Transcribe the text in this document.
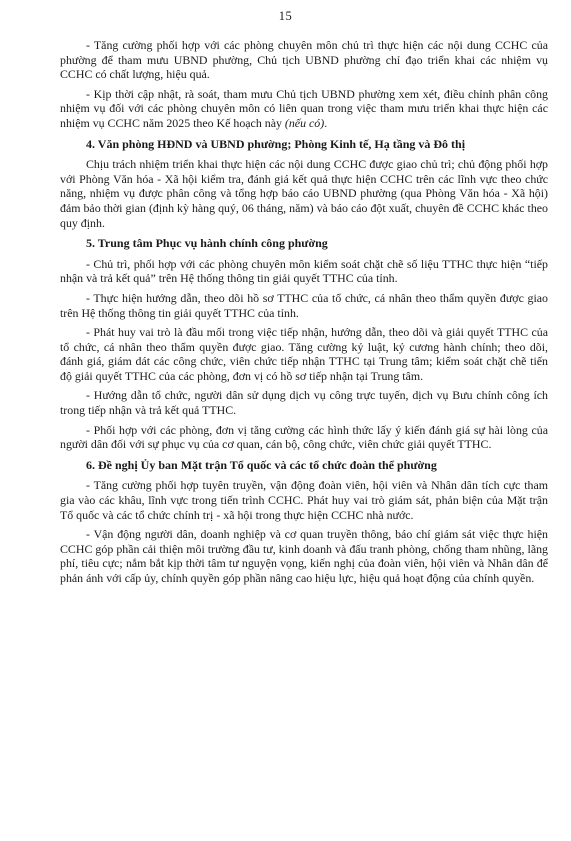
15

- Tăng cường phối hợp với các phòng chuyên môn chủ trì thực hiện các nội dung CCHC của phường để tham mưu UBND phường, Chủ tịch UBND phường chỉ đạo triển khai các nhiệm vụ CCHC có chất lượng, hiệu quả.

- Kịp thời cập nhật, rà soát, tham mưu Chủ tịch UBND phường xem xét, điều chỉnh phân công nhiệm vụ đối với các phòng chuyên môn có liên quan trong việc tham mưu triển khai thực hiện các nhiệm vụ CCHC năm 2025 theo Kế hoạch này (nếu có).

4. Văn phòng HĐND và UBND phường; Phòng Kinh tế, Hạ tầng và Đô thị

Chịu trách nhiệm triển khai thực hiện các nội dung CCHC được giao chủ trì; chủ động phối hợp với Phòng Văn hóa - Xã hội kiểm tra, đánh giá kết quả thực hiện CCHC trên các lĩnh vực theo chức năng, nhiệm vụ được phân công và tổng hợp báo cáo UBND phường (qua Phòng Văn hóa - Xã hội) đảm bảo thời gian (định kỳ hàng quý, 06 tháng, năm) và báo cáo đột xuất, chuyên đề CCHC khác theo quy định.

5. Trung tâm Phục vụ hành chính công phường

- Chủ trì, phối hợp với các phòng chuyên môn kiểm soát chặt chẽ số liệu TTHC thực hiện “tiếp nhận và trả kết quả” trên Hệ thống thông tin giải quyết TTHC của tỉnh.

- Thực hiện hướng dẫn, theo dõi hồ sơ TTHC của tổ chức, cá nhân theo thẩm quyền được giao trên Hệ thống thông tin giải quyết TTHC của tỉnh.

- Phát huy vai trò là đầu mối trong việc tiếp nhận, hướng dẫn, theo dõi và giải quyết TTHC của tổ chức, cá nhân theo thẩm quyền được giao. Tăng cường kỷ luật, kỷ cương hành chính; theo dõi, đánh giá, giám dát các công chức, viên chức tiếp nhận TTHC tại Trung tâm; kiểm soát chặt chẽ tiến độ giải quyết TTHC của các phòng, đơn vị có hồ sơ tiếp nhận tại Trung tâm.

- Hướng dẫn tổ chức, người dân sử dụng dịch vụ công trực tuyến, dịch vụ Bưu chính công ích trong tiếp nhận và trả kết quả TTHC.

- Phối hợp với các phòng, đơn vị tăng cường các hình thức lấy ý kiến đánh giá sự hài lòng của người dân đối với sự phục vụ của cơ quan, cán bộ, công chức, viên chức giải quyết TTHC.

6. Đề nghị Ủy ban Mặt trận Tổ quốc và các tổ chức đoàn thể phường

- Tăng cường phối hợp tuyên truyền, vận động đoàn viên, hội viên và Nhân dân tích cực tham gia vào các khâu, lĩnh vực trong tiến trình CCHC. Phát huy vai trò giám sát, phản biện của Mặt trận Tổ quốc và các tổ chức chính trị - xã hội trong thực hiện CCHC nhà nước.

- Vận động người dân, doanh nghiệp và cơ quan truyền thông, báo chí giám sát việc thực hiện CCHC góp phần cải thiện môi trường đầu tư, kinh doanh và đấu tranh phòng, chống tham nhũng, lãng phí, tiêu cực; nắm bắt kịp thời tâm tư nguyện vọng, kiến nghị của đoàn viên, hội viên và Nhân dân để phản ánh với cấp ủy, chính quyền góp phần nâng cao hiệu lực, hiệu quả hoạt động của chính quyền.
